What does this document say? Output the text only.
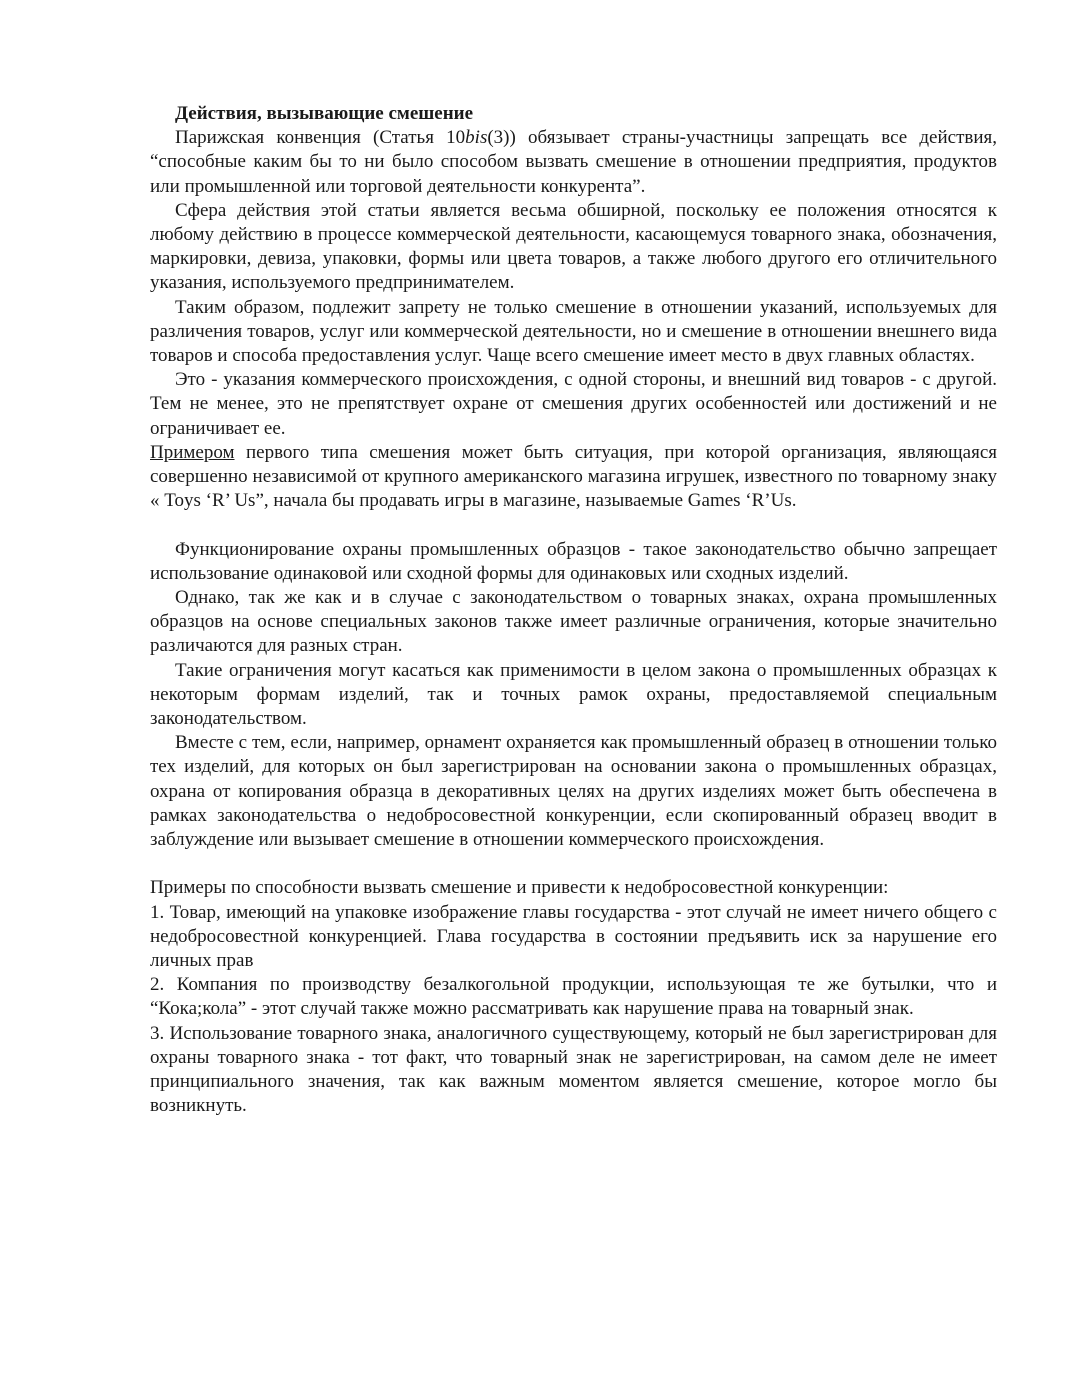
Действия, вызывающие смешение

Парижская конвенция (Статья 10bis(3)) обязывает страны-участницы запрещать все действия, “способные каким бы то ни было способом вызвать смешение в отношении предприятия, продуктов или промышленной или торговой деятельности конкурента”.

Сфера действия этой статьи является весьма обширной, поскольку ее положения относятся к любому действию в процессе коммерческой деятельности, касающемуся товарного знака, обозначения, маркировки, девиза, упаковки, формы или цвета товаров, а также любого другого его отличительного указания, используемого предпринимателем.

Таким образом, подлежит запрету не только смешение в отношении указаний, используемых для различения товаров, услуг или коммерческой деятельности, но и смешение в отношении внешнего вида товаров и способа предоставления услуг. Чаще всего смешение имеет место в двух главных областях.

Это - указания коммерческого происхождения, с одной стороны, и внешний вид товаров - с другой. Тем не менее, это не препятствует охране от смешения других особенностей или достижений и не ограничивает ее.

Примером первого типа смешения может быть ситуация, при которой организация, являющаяся совершенно независимой от крупного американского магазина игрушек, известного по товарному знаку « Toys ‘R’ Us”, начала бы продавать игры в магазине, называемые Games ‘R’Us.

Функционирование охраны промышленных образцов - такое законодательство обычно запрещает использование одинаковой или сходной формы для одинаковых или сходных изделий.

Однако, так же как и в случае с законодательством о товарных знаках, охрана промышленных образцов на основе специальных законов также имеет различные ограничения, которые значительно различаются для разных стран.

Такие ограничения могут касаться как применимости в целом закона о промышленных образцах к некоторым формам изделий, так и точных рамок охраны, предоставляемой специальным законодательством.

Вместе с тем, если, например, орнамент охраняется как промышленный образец в отношении только тех изделий, для которых он был зарегистрирован на основании закона о промышленных образцах, охрана от копирования образца в декоративных целях на других изделиях может быть обеспечена в рамках законодательства о недобросовестной конкуренции, если скопированный образец вводит в заблуждение или вызывает смешение в отношении коммерческого происхождения.

Примеры по способности вызвать смешение и привести к недобросовестной конкуренции:

1. Товар, имеющий на упаковке изображение главы государства - этот случай не имеет ничего общего с недобросовестной конкуренцией. Глава государства в состоянии предъявить иск за нарушение его личных прав

2. Компания по производству безалкогольной продукции, использующая те же бутылки, что и “Кока;кола” - этот случай также можно рассматривать как нарушение права на товарный знак.

3. Использование товарного знака, аналогичного существующему, который не был зарегистрирован для охраны товарного знака - тот факт, что товарный знак не зарегистрирован, на самом деле не имеет принципиального значения, так как важным моментом является смешение, которое могло бы возникнуть.
